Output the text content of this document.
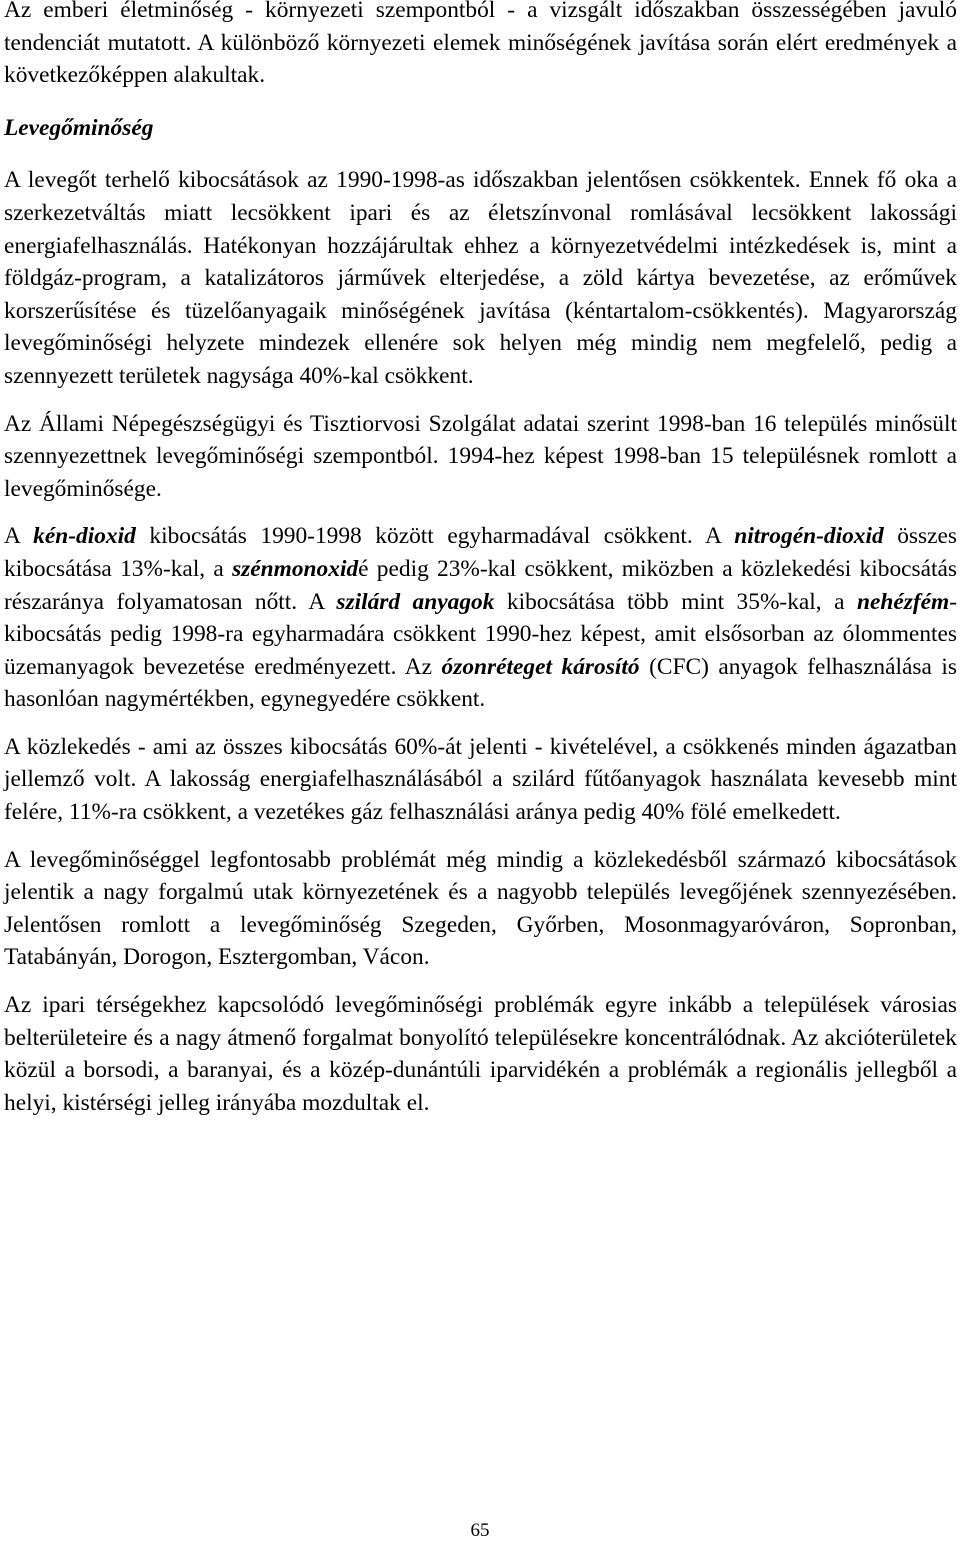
Az emberi életminőség - környezeti szempontból - a vizsgált időszakban összességében javuló tendenciát mutatott. A különböző környezeti elemek minőségének javítása során elért eredmények a következőképpen alakultak.

Levegőminőség

A levegőt terhelő kibocsátások az 1990-1998-as időszakban jelentősen csökkentek. Ennek fő oka a szerkezetváltás miatt lecsökkent ipari és az életszínvonal romlásával lecsökkent lakossági energiafelhasználás. Hatékonyan hozzájárultak ehhez a környezetvédelmi intézkedések is, mint a földgáz-program, a katalizátoros járművek elterjedése, a zöld kártya bevezetése, az erőművek korszerűsítése és tüzelőanyagaik minőségének javítása (kéntartalom-csökkentés). Magyarország levegőminőségi helyzete mindezek ellenére sok helyen még mindig nem megfelelő, pedig a szennyezett területek nagysága 40%-kal csökkent.

Az Állami Népegészségügyi és Tisztiorvosi Szolgálat adatai szerint 1998-ban 16 település minősült szennyezettnek levegőminőségi szempontból. 1994-hez képest 1998-ban 15 településnek romlott a levegőminősége.

A kén-dioxid kibocsátás 1990-1998 között egyharmadával csökkent. A nitrogén-dioxid összes kibocsátása 13%-kal, a szénmonoxidé pedig 23%-kal csökkent, miközben a közlekedési kibocsátás részaránya folyamatosan nőtt. A szilárd anyagok kibocsátása több mint 35%-kal, a nehézfém-kibocsátás pedig 1998-ra egyharmadára csökkent 1990-hez képest, amit elsősorban az ólommentes üzemanyagok bevezetése eredményezett. Az ózonréteget károsító (CFC) anyagok felhasználása is hasonlóan nagymértékben, egynegyedére csökkent.

A közlekedés - ami az összes kibocsátás 60%-át jelenti - kivételével, a csökkenés minden ágazatban jellemző volt. A lakosság energiafelhasználásából a szilárd fűtőanyagok használata kevesebb mint felére, 11%-ra csökkent, a vezetékes gáz felhasználási aránya pedig 40% fölé emelkedett.

A levegőminőséggel legfontosabb problémát még mindig a közlekedésből származó kibocsátások jelentik a nagy forgalmú utak környezetének és a nagyobb település levegőjének szennyezésében. Jelentősen romlott a levegőminőség Szegeden, Győrben, Mosonmagyaróváron, Sopronban, Tatabányán, Dorogon, Esztergomban, Vácon.

Az ipari térségekhez kapcsolódó levegőminőségi problémák egyre inkább a települések városias belterületeire és a nagy átmenő forgalmat bonyolító településekre koncentrálódnak. Az akcióterületek közül a borsodi, a baranyai, és a közép-dunántúli iparvidékén a problémák a regionális jellegből a helyi, kistérségi jelleg irányába mozdultak el.

65
